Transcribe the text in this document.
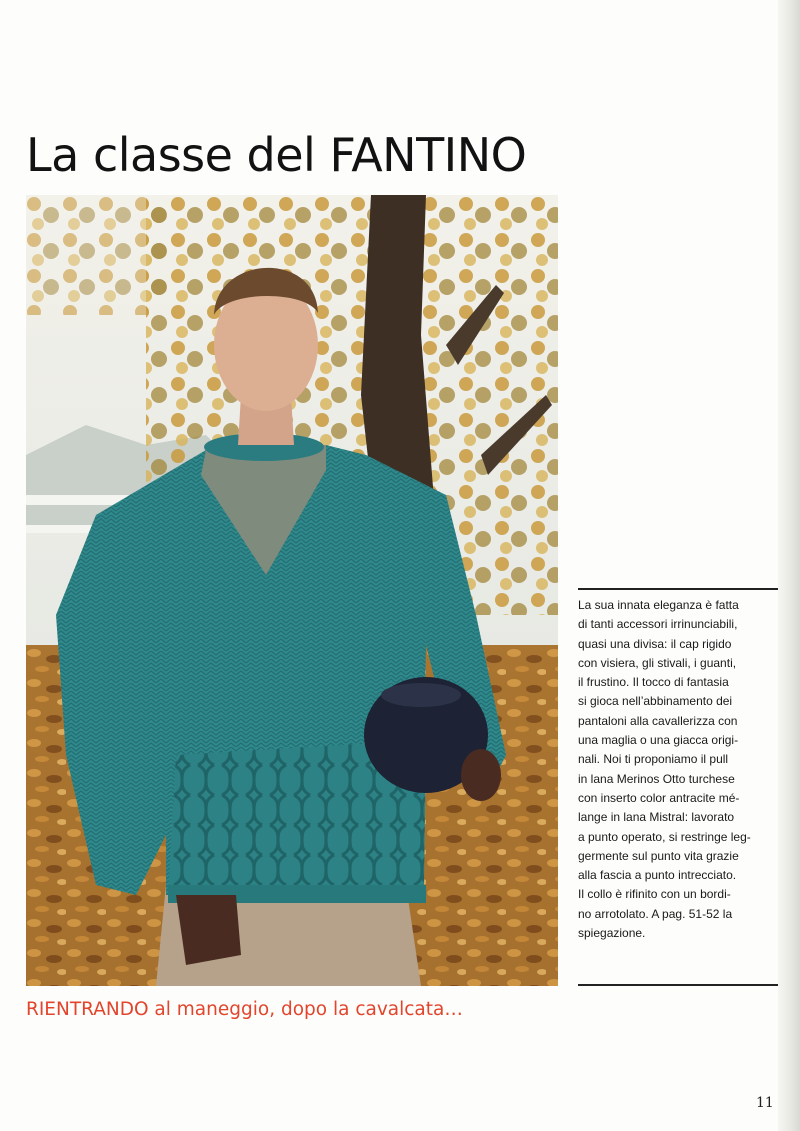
La classe del FANTINO

La sua innata eleganza è fatta
di tanti accessori irrinunciabili,
quasi una divisa: il cap rigido
con visiera, gli stivali, i guanti,
il frustino. Il tocco di fantasia
si gioca nell’abbinamento dei
pantaloni alla cavallerizza con
una maglia o una giacca origi-
nali. Noi ti proponiamo il pull
in lana Merinos Otto turchese
con inserto color antracite mé-
lange in lana Mistral: lavorato
a punto operato, si restringe leg-
germente sul punto vita grazie
alla fascia a punto intrecciato.
Il collo è rifinito con un bordi-
no arrotolato. A pag. 51-52 la
spiegazione.

RIENTRANDO al maneggio, dopo la cavalcata…

11
